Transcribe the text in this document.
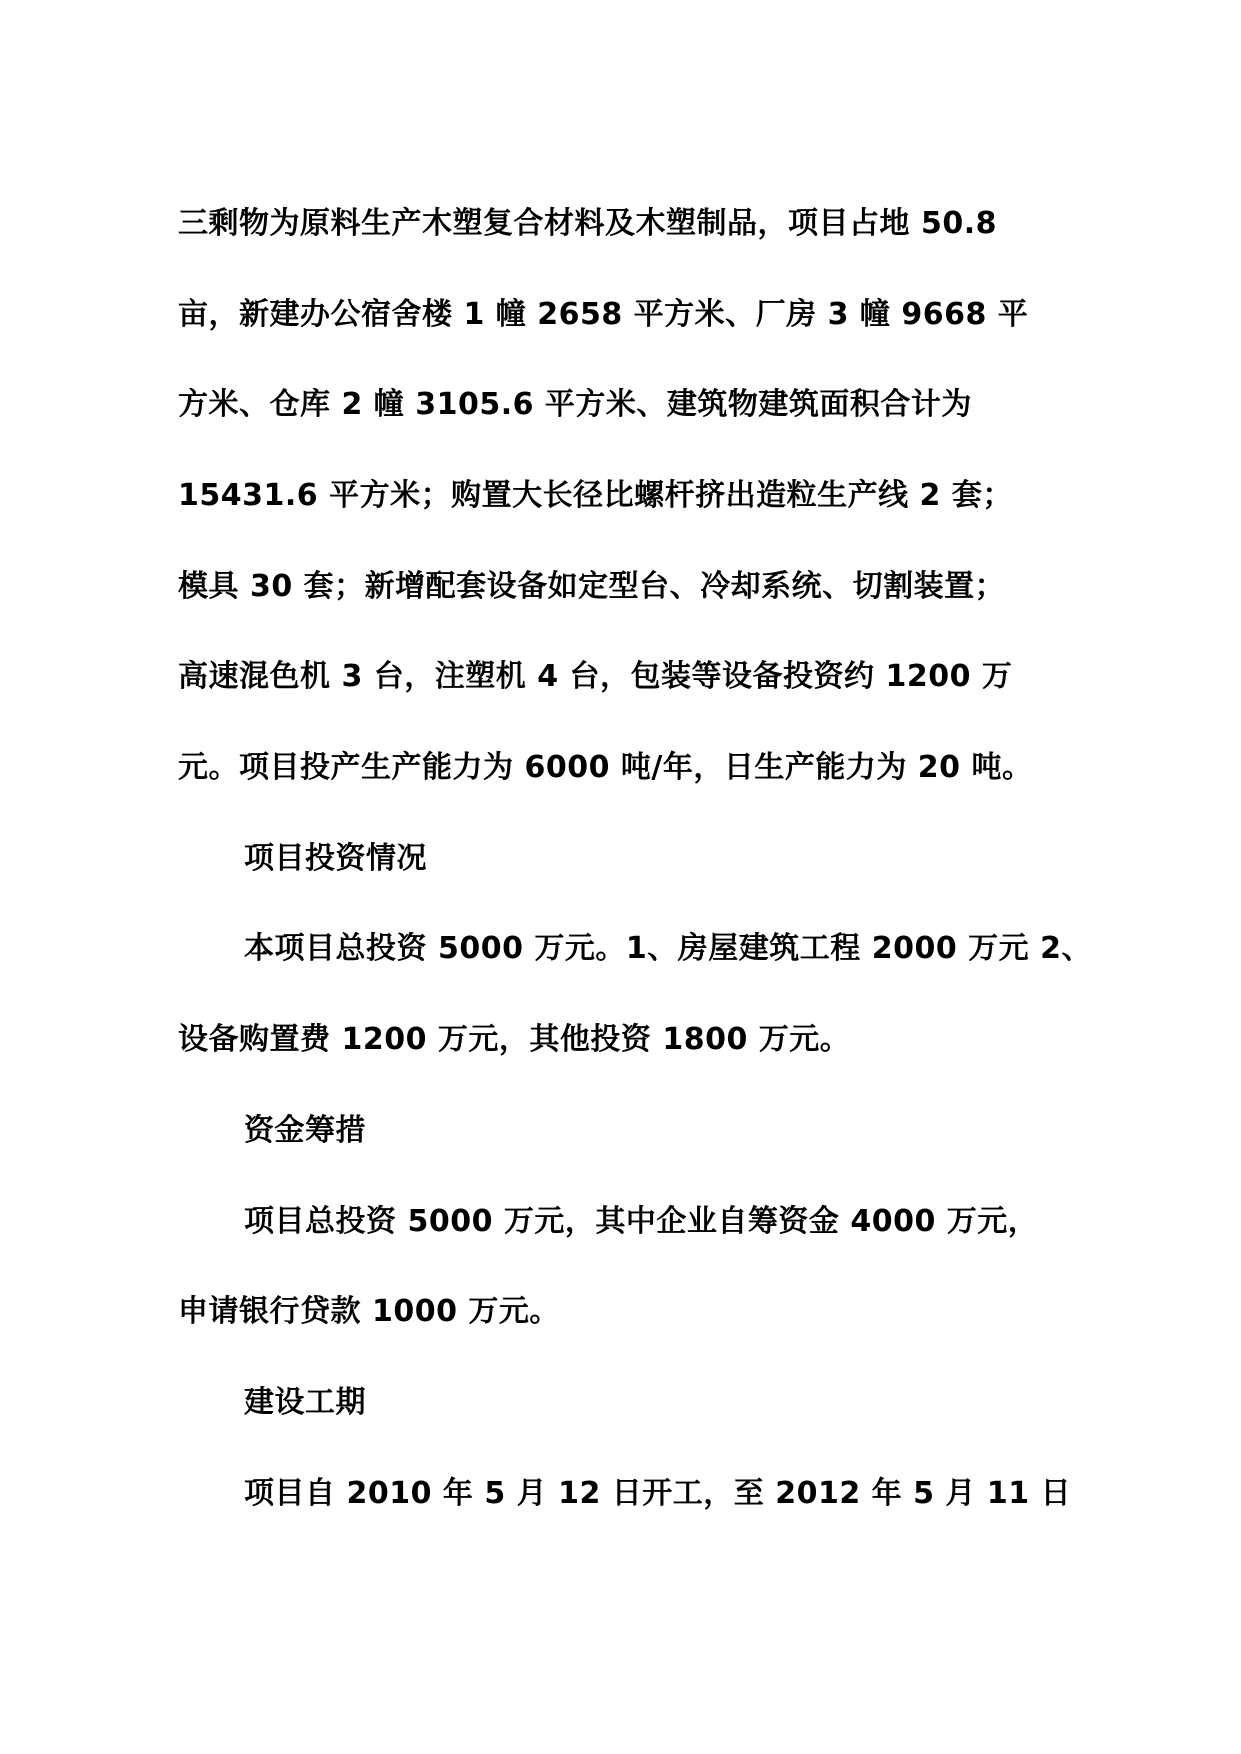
三剩物为原料生产木塑复合材料及木塑制品，项目占地 50.8
亩，新建办公宿舍楼 1 幢 2658 平方米、厂房 3 幢 9668 平
方米、仓库 2 幢 3105.6 平方米、建筑物建筑面积合计为
15431.6 平方米；购置大长径比螺杆挤出造粒生产线 2 套；
模具 30 套；新增配套设备如定型台、冷却系统、切割装置；
高速混色机 3 台，注塑机 4 台，包装等设备投资约 1200 万
元。项目投产生产能力为 6000 吨/年，日生产能力为 20 吨。
项目投资情况
本项目总投资 5000 万元。1、房屋建筑工程 2000 万元 2、
设备购置费 1200 万元，其他投资 1800 万元。
资金筹措
项目总投资 5000 万元，其中企业自筹资金 4000 万元，
申请银行贷款 1000 万元。
建设工期
项目自 2010 年 5 月 12 日开工，至 2012 年 5 月 11 日
